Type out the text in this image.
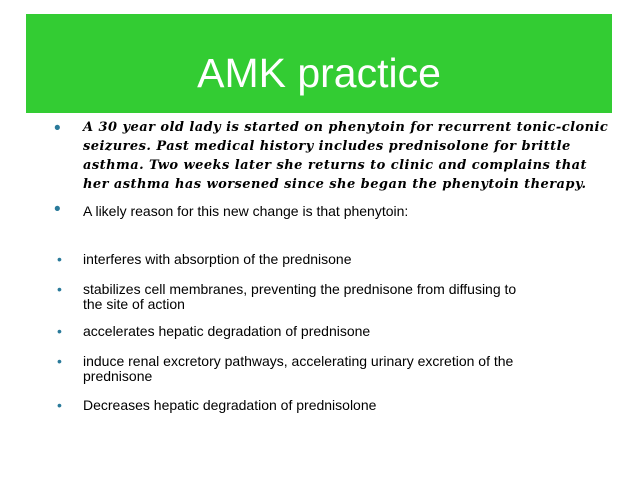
AMK practice
• A 30 year old lady is started on phenytoin for recurrent tonic-clonic
seizures. Past medical history includes prednisolone for brittle
asthma. Two weeks later she returns to clinic and complains that
her asthma has worsened since she began the phenytoin therapy.
• A likely reason for this new change is that phenytoin:
• interferes with absorption of the prednisone
• stabilizes cell membranes, preventing the prednisone from diffusing to
the site of action
• accelerates hepatic degradation of prednisone
• induce renal excretory pathways, accelerating urinary excretion of the
prednisone
• Decreases hepatic degradation of prednisolone
